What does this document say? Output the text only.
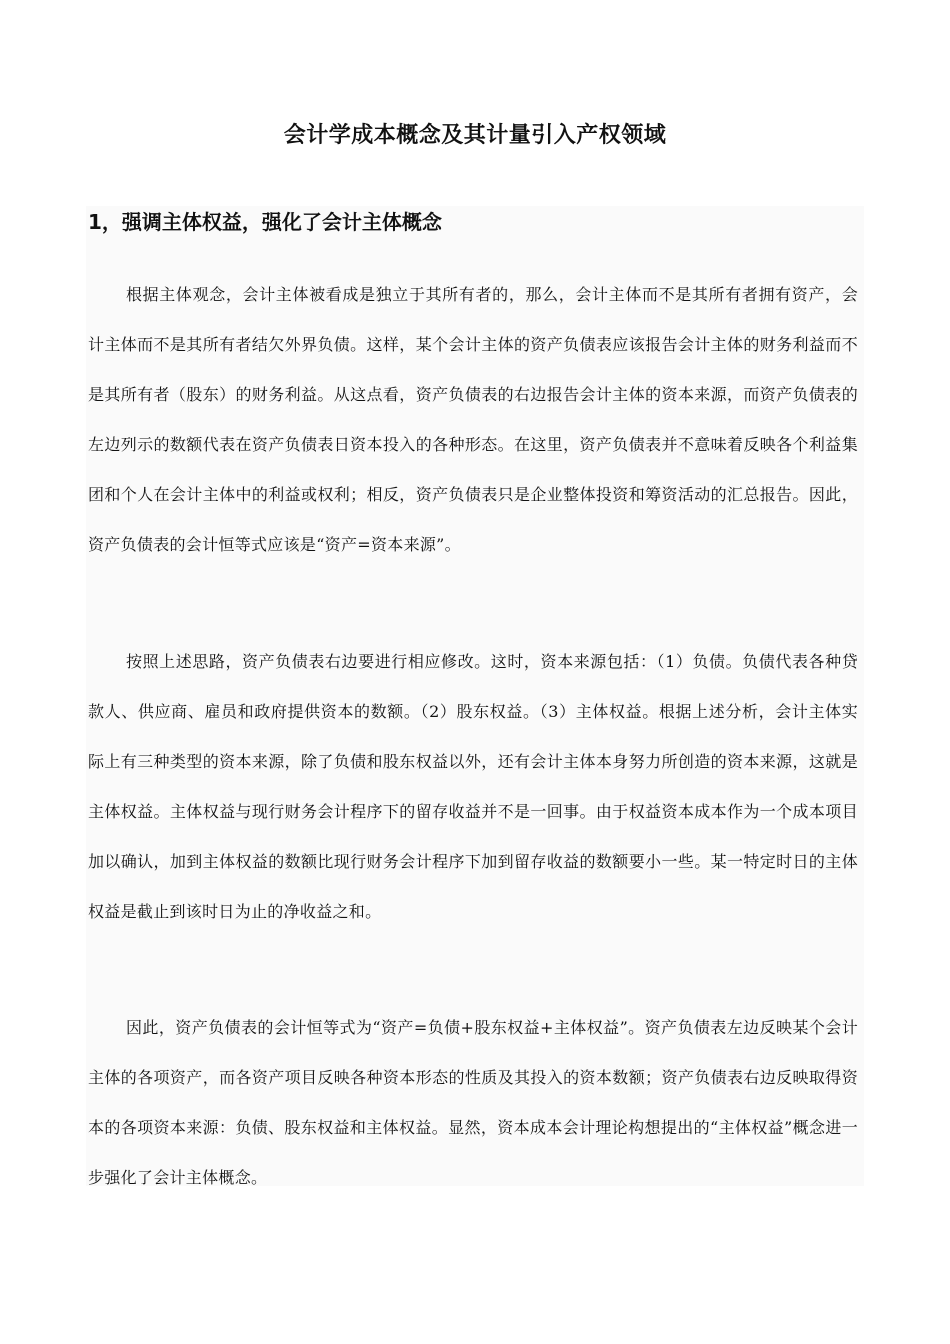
会计学成本概念及其计量引入产权领域
1，强调主体权益，强化了会计主体概念

根据主体观念，会计主体被看成是独立于其所有者的，那么，会计主体而不是其所有者拥有资产，会计主体而不是其所有者结欠外界负债。这样，某个会计主体的资产负债表应该报告会计主体的财务利益而不是其所有者（股东）的财务利益。从这点看，资产负债表的右边报告会计主体的资本来源，而资产负债表的左边列示的数额代表在资产负债表日资本投入的各种形态。在这里，资产负债表并不意味着反映各个利益集团和个人在会计主体中的利益或权利；相反，资产负债表只是企业整体投资和筹资活动的汇总报告。因此，资产负债表的会计恒等式应该是“资产=资本来源”。

按照上述思路，资产负债表右边要进行相应修改。这时，资本来源包括：（1）负债。负债代表各种贷款人、供应商、雇员和政府提供资本的数额。（2）股东权益。（3）主体权益。根据上述分析，会计主体实际上有三种类型的资本来源，除了负债和股东权益以外，还有会计主体本身努力所创造的资本来源，这就是主体权益。主体权益与现行财务会计程序下的留存收益并不是一回事。由于权益资本成本作为一个成本项目加以确认，加到主体权益的数额比现行财务会计程序下加到留存收益的数额要小一些。某一特定时日的主体权益是截止到该时日为止的净收益之和。

因此，资产负债表的会计恒等式为“资产=负债+股东权益+主体权益”。资产负债表左边反映某个会计主体的各项资产，而各资产项目反映各种资本形态的性质及其投入的资本数额；资产负债表右边反映取得资本的各项资本来源：负债、股东权益和主体权益。显然，资本成本会计理论构想提出的“主体权益”概念进一步强化了会计主体概念。
